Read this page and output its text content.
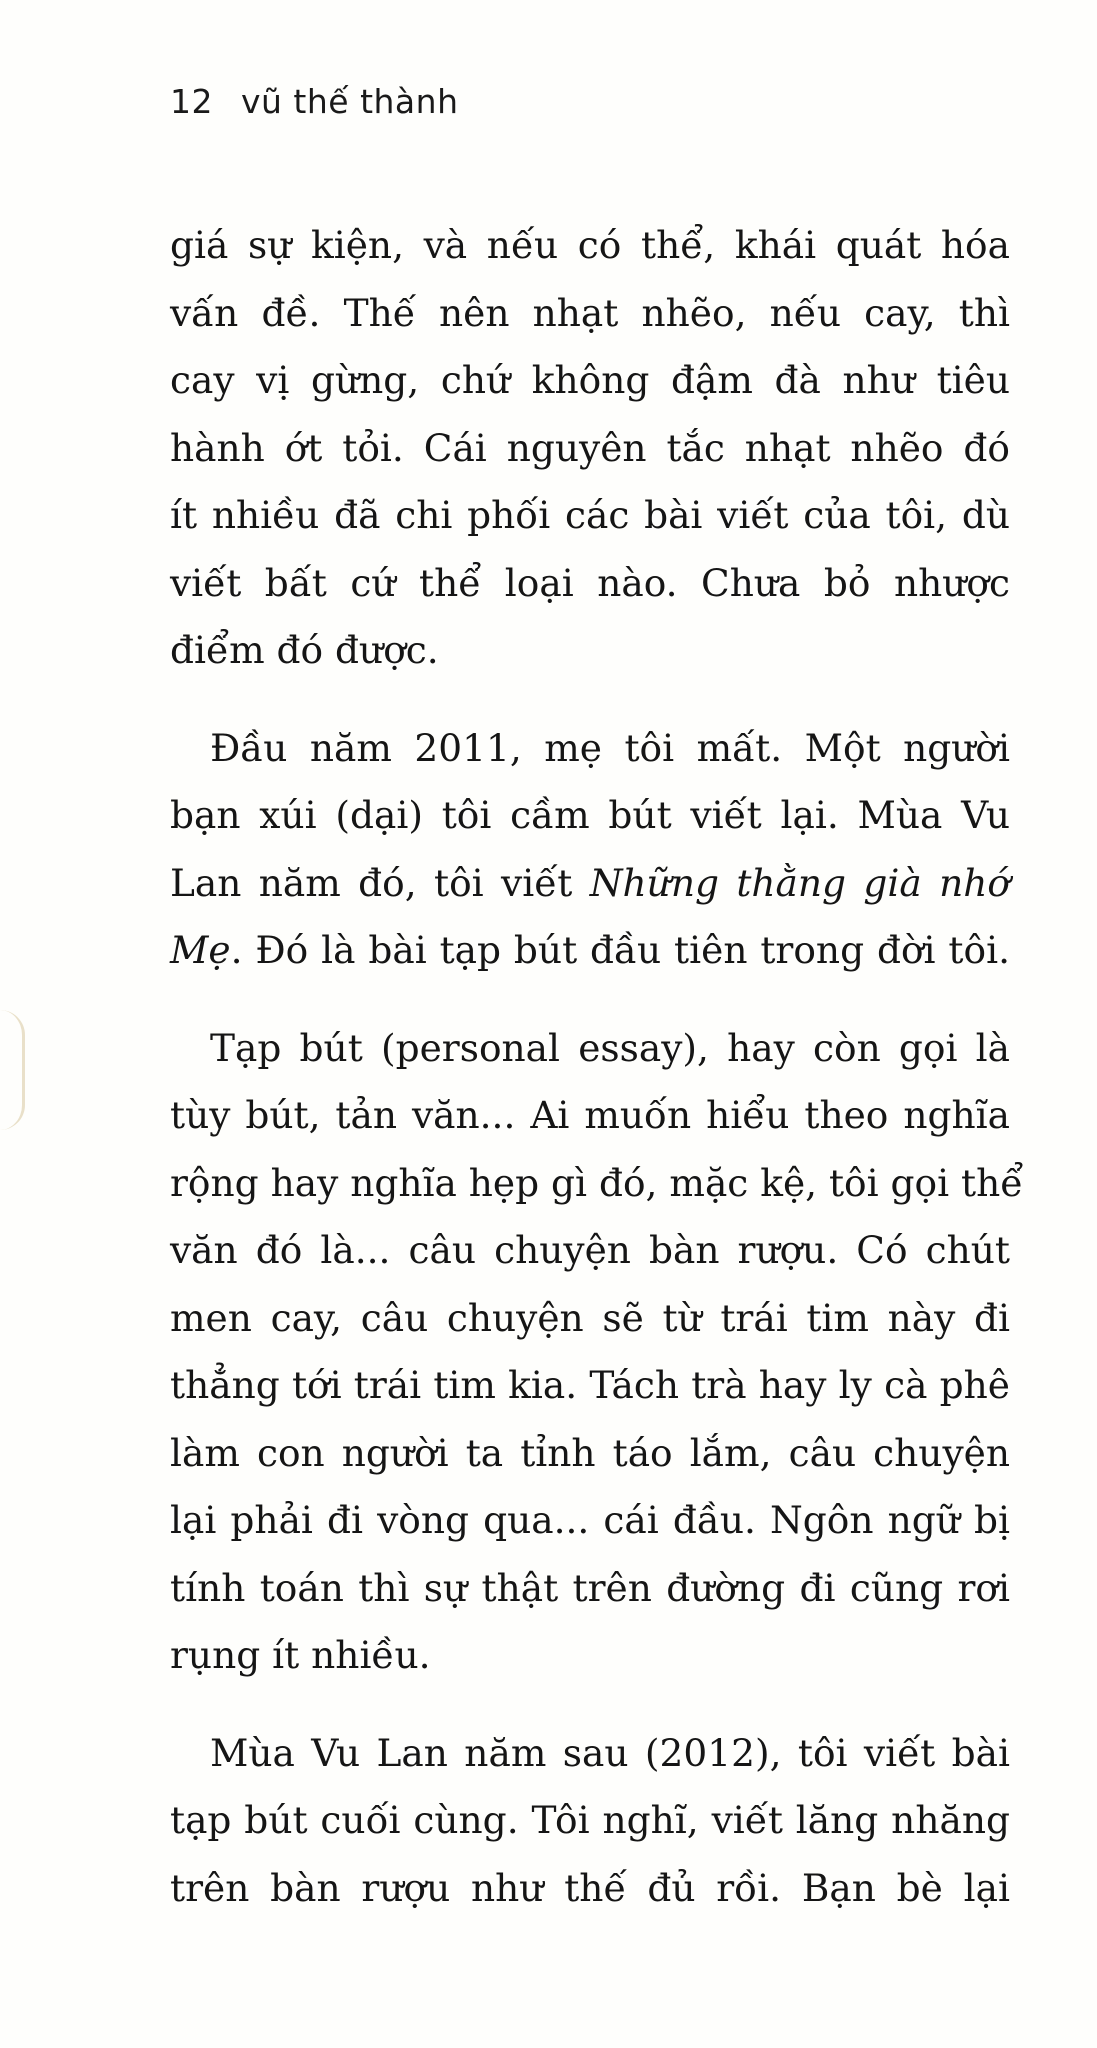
12 vũ thế thành

giá sự kiện, và nếu có thể, khái quát hóa
vấn đề. Thế nên nhạt nhẽo, nếu cay, thì
cay vị gừng, chứ không đậm đà như tiêu
hành ớt tỏi. Cái nguyên tắc nhạt nhẽo đó
ít nhiều đã chi phối các bài viết của tôi, dù
viết bất cứ thể loại nào. Chưa bỏ nhược
điểm đó được.

Đầu năm 2011, mẹ tôi mất. Một người
bạn xúi (dại) tôi cầm bút viết lại. Mùa Vu
Lan năm đó, tôi viết Những thằng già nhớ
Mẹ. Đó là bài tạp bút đầu tiên trong đời tôi.

Tạp bút (personal essay), hay còn gọi là
tùy bút, tản văn... Ai muốn hiểu theo nghĩa
rộng hay nghĩa hẹp gì đó, mặc kệ, tôi gọi thể
văn đó là... câu chuyện bàn rượu. Có chút
men cay, câu chuyện sẽ từ trái tim này đi
thẳng tới trái tim kia. Tách trà hay ly cà phê
làm con người ta tỉnh táo lắm, câu chuyện
lại phải đi vòng qua... cái đầu. Ngôn ngữ bị
tính toán thì sự thật trên đường đi cũng rơi
rụng ít nhiều.

Mùa Vu Lan năm sau (2012), tôi viết bài
tạp bút cuối cùng. Tôi nghĩ, viết lăng nhăng
trên bàn rượu như thế đủ rồi. Bạn bè lại
